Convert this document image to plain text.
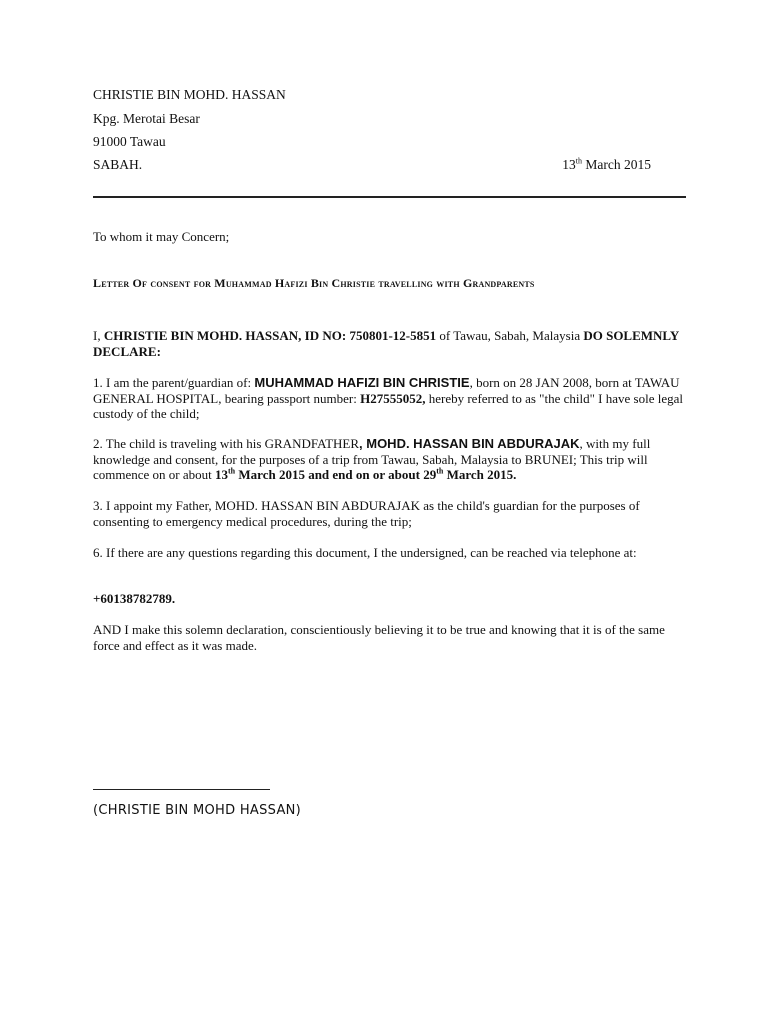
CHRISTIE BIN MOHD. HASSAN
Kpg. Merotai Besar
91000 Tawau
SABAH.	13th March 2015
To whom it may Concern;
Letter Of consent for Muhammad Hafizi Bin Christie travelling with Grandparents
I, CHRISTIE BIN MOHD. HASSAN, ID NO: 750801-12-5851 of Tawau, Sabah, Malaysia DO SOLEMNLY DECLARE:
1. I am the parent/guardian of: MUHAMMAD HAFIZI BIN CHRISTIE, born on 28 JAN 2008, born at TAWAU GENERAL HOSPITAL, bearing passport number: H27555052, hereby referred to as "the child" I have sole legal custody of the child;
2. The child is traveling with his GRANDFATHER, MOHD. HASSAN BIN ABDURAJAK, with my full knowledge and consent, for the purposes of a trip from Tawau, Sabah, Malaysia to BRUNEI; This trip will commence on or about 13th March 2015 and end on or about 29th March 2015.
3. I appoint my Father, MOHD. HASSAN BIN ABDURAJAK as the child's guardian for the purposes of consenting to emergency medical procedures, during the trip;
6. If there are any questions regarding this document, I the undersigned, can be reached via telephone at:
+60138782789.
AND I make this solemn declaration, conscientiously believing it to be true and knowing that it is of the same force and effect as it was made.
(CHRISTIE BIN MOHD HASSAN)
